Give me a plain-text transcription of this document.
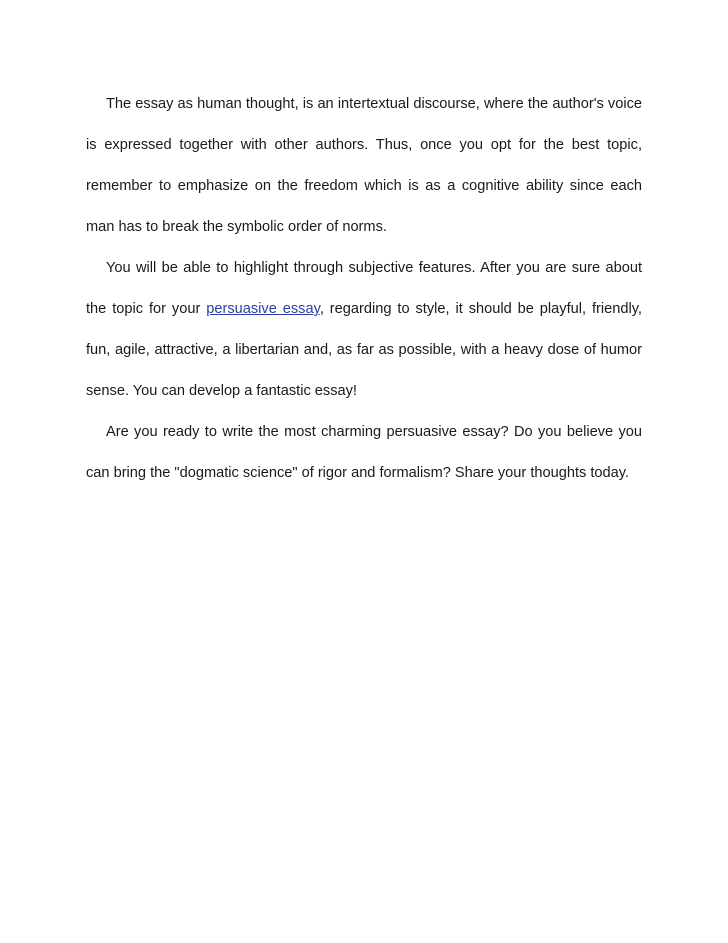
The essay as human thought, is an intertextual discourse, where the author's voice is expressed together with other authors. Thus, once you opt for the best topic, remember to emphasize on the freedom which is as a cognitive ability since each man has to break the symbolic order of norms.

You will be able to highlight through subjective features. After you are sure about the topic for your persuasive essay, regarding to style, it should be playful, friendly, fun, agile, attractive, a libertarian and, as far as possible, with a heavy dose of humor sense. You can develop a fantastic essay!

Are you ready to write the most charming persuasive essay? Do you believe you can bring the "dogmatic science" of rigor and formalism? Share your thoughts today.
